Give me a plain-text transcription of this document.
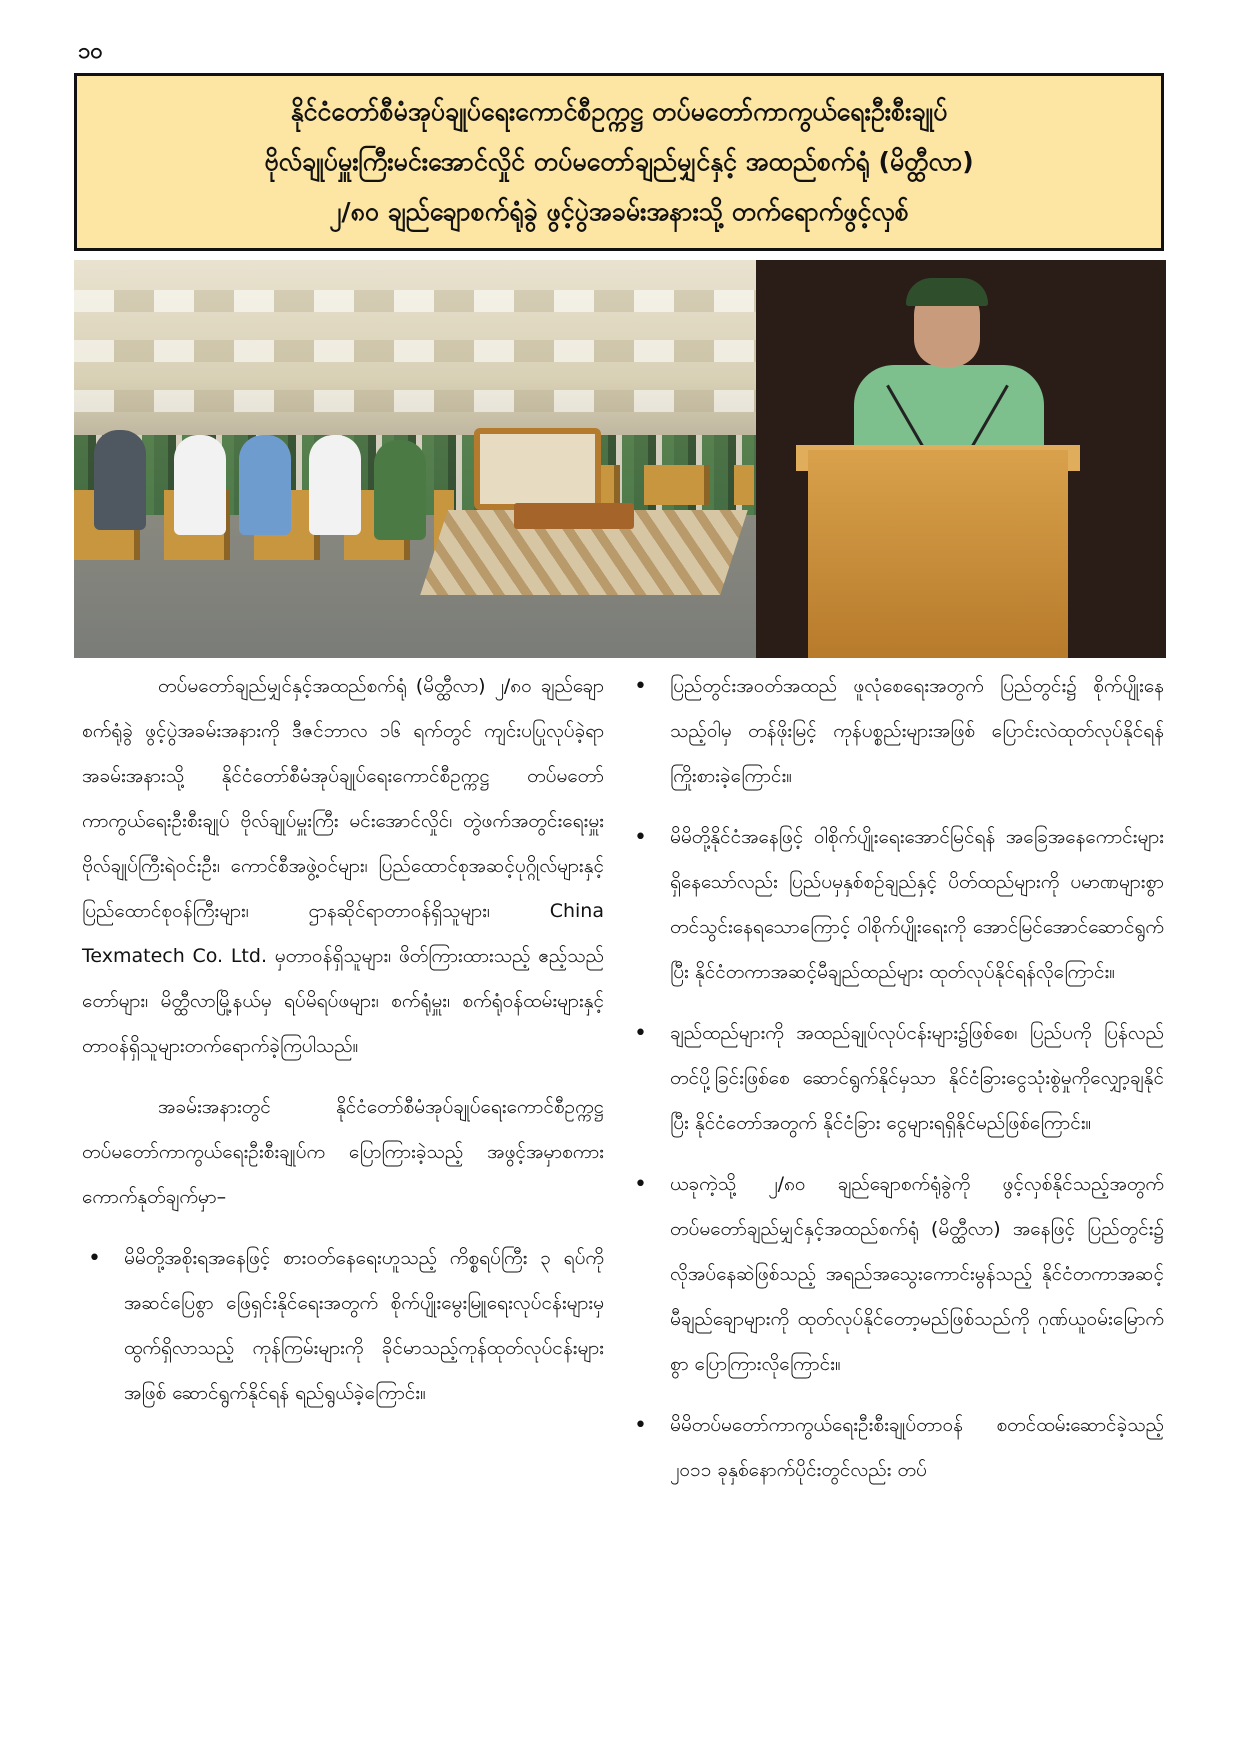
၁၀
နိုင်ငံတော်စီမံအုပ်ချုပ်ရေးကောင်စီဥက္ကဋ္ဌ တပ်မတော်ကာကွယ်ရေးဦးစီးချုပ်
ဗိုလ်ချုပ်မှူးကြီးမင်းအောင်လှိုင် တပ်မတော်ချည်မျှင်နှင့် အထည်စက်ရုံ (မိတ္ထီလာ)
၂/၈၀ ချည်ချောစက်ရုံခွဲ ဖွင့်ပွဲအခမ်းအနားသို့ တက်ရောက်ဖွင့်လှစ်

တပ်မတော်ချည်မျှင်နှင့်အထည်စက်ရုံ (မိတ္ထီလာ) ၂/၈၀ ချည်ချောစက်ရုံခွဲ ဖွင့်ပွဲအခမ်းအနားကို ဒီဇင်ဘာလ ၁၆ ရက်တွင် ကျင်းပပြုလုပ်ခဲ့ရာအခမ်းအနားသို့ နိုင်ငံတော်စီမံအုပ်ချုပ်ရေးကောင်စီဥက္ကဋ္ဌ တပ်မတော်ကာကွယ်ရေးဦးစီးချုပ် ဗိုလ်ချုပ်မှူးကြီး မင်းအောင်လှိုင်၊ တွဲဖက်အတွင်းရေးမှူး ဗိုလ်ချုပ်ကြီးရဲဝင်းဦး၊ ကောင်စီအဖွဲ့ဝင်များ၊ ပြည်ထောင်စုအဆင့်ပုဂ္ဂိုလ်များနှင့် ပြည်ထောင်စုဝန်ကြီးများ၊ ဌာနဆိုင်ရာတာဝန်ရှိသူများ၊ China Texmatech Co. Ltd. မှတာဝန်ရှိသူများ၊ ဖိတ်ကြားထားသည့် ဧည့်သည်တော်များ၊ မိတ္ထီလာမြို့နယ်မှ ရပ်မိရပ်ဖများ၊ စက်ရုံမှူး၊ စက်ရုံဝန်ထမ်းများနှင့် တာဝန်ရှိသူများတက်ရောက်ခဲ့ကြပါသည်။

အခမ်းအနားတွင် နိုင်ငံတော်စီမံအုပ်ချုပ်ရေးကောင်စီဥက္ကဋ္ဌ တပ်မတော်ကာကွယ်ရေးဦးစီးချုပ်က ပြောကြားခဲ့သည့် အဖွင့်အမှာစကားကောက်နုတ်ချက်မှာ–

• မိမိတို့အစိုးရအနေဖြင့် စားဝတ်နေရေးဟူသည့် ကိစ္စရပ်ကြီး ၃ ရပ်ကို အဆင်ပြေစွာ ဖြေရှင်းနိုင်ရေးအတွက် စိုက်ပျိုးမွေးမြူရေးလုပ်ငန်းများမှထွက်ရှိလာသည့် ကုန်ကြမ်းများကို ခိုင်မာသည့်ကုန်ထုတ်လုပ်ငန်းများအဖြစ် ဆောင်ရွက်နိုင်ရန် ရည်ရွယ်ခဲ့ကြောင်း။
• ပြည်တွင်းအဝတ်အထည် ဖူလုံစေရေးအတွက် ပြည်တွင်း၌ စိုက်ပျိုးနေသည့်ဝါမှ တန်ဖိုးမြင့် ကုန်ပစ္စည်းများအဖြစ် ပြောင်းလဲထုတ်လုပ်နိုင်ရန် ကြိုးစားခဲ့ကြောင်း။
• မိမိတို့နိုင်ငံအနေဖြင့် ဝါစိုက်ပျိုးရေးအောင်မြင်ရန် အခြေအနေကောင်းများရှိနေသော်လည်း ပြည်ပမှနှစ်စဉ်ချည်နှင့် ပိတ်ထည်များကို ပမာဏများစွာ တင်သွင်းနေရသောကြောင့် ဝါစိုက်ပျိုးရေးကို အောင်မြင်အောင်ဆောင်ရွက်ပြီး နိုင်ငံတကာအဆင့်မီချည်ထည်များ ထုတ်လုပ်နိုင်ရန်လိုကြောင်း။
• ချည်ထည်များကို အထည်ချုပ်လုပ်ငန်းများ၌ဖြစ်စေ၊ ပြည်ပကို ပြန်လည်တင်ပို့ခြင်းဖြစ်စေ ဆောင်ရွက်နိုင်မှသာ နိုင်ငံခြားငွေသုံးစွဲမှုကိုလျှော့ချနိုင်ပြီး နိုင်ငံတော်အတွက် နိုင်ငံခြား ငွေများရရှိနိုင်မည်ဖြစ်ကြောင်း။
• ယခုကဲ့သို့ ၂/၈၀ ချည်ချောစက်ရုံခွဲကို ဖွင့်လှစ်နိုင်သည့်အတွက် တပ်မတော်ချည်မျှင်နှင့်အထည်စက်ရုံ (မိတ္ထီလာ) အနေဖြင့် ပြည်တွင်း၌ လိုအပ်နေဆဲဖြစ်သည့် အရည်အသွေးကောင်းမွန်သည့် နိုင်ငံတကာအဆင့်မီချည်ချောများကို ထုတ်လုပ်နိုင်တော့မည်ဖြစ်သည်ကို ဂုဏ်ယူဝမ်းမြောက်စွာ ပြောကြားလိုကြောင်း။
• မိမိတပ်မတော်ကာကွယ်ရေးဦးစီးချုပ်တာဝန် စတင်ထမ်းဆောင်ခဲ့သည့် ၂၀၁၁ ခုနှစ်နောက်ပိုင်းတွင်လည်း တပ်
